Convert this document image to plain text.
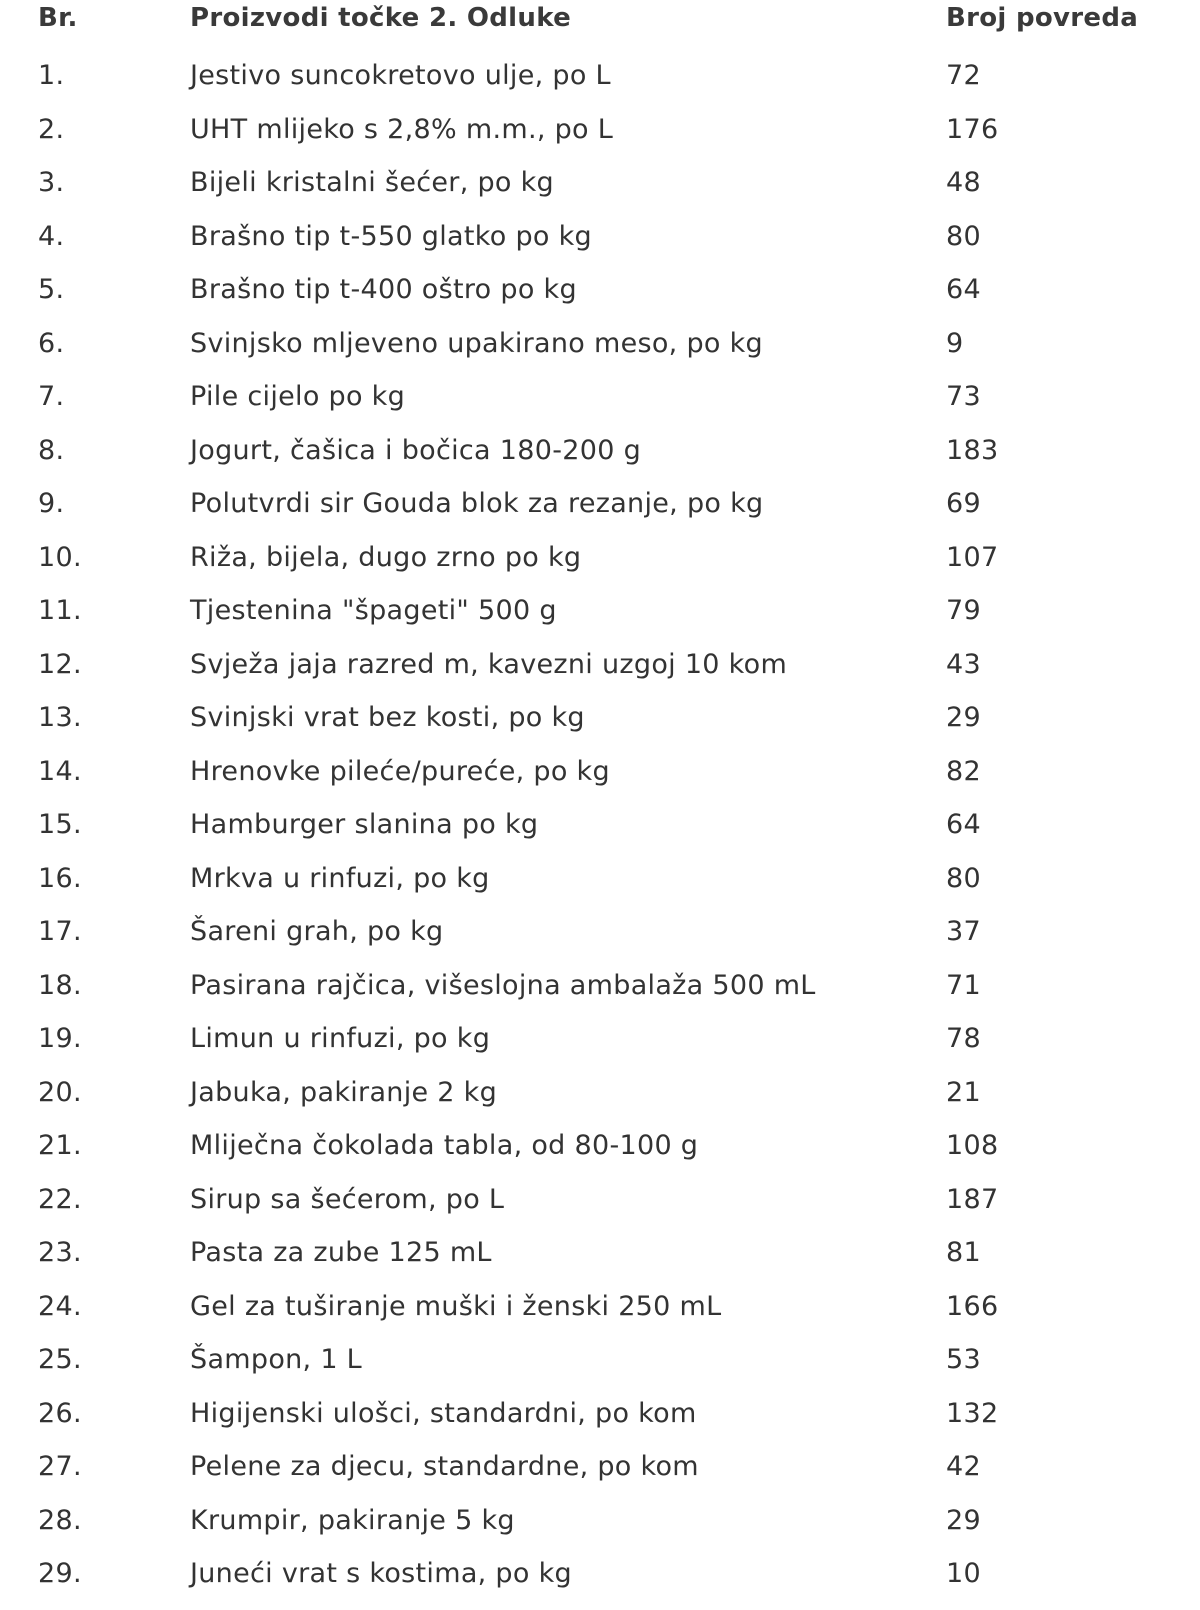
Br.	Proizvodi točke 2. Odluke	Broj povreda
1.	Jestivo suncokretovo ulje, po L	72
2.	UHT mlijeko s 2,8% m.m., po L	176
3.	Bijeli kristalni šećer, po kg	48
4.	Brašno tip t-550 glatko po kg	80
5.	Brašno tip t-400 oštro po kg	64
6.	Svinjsko mljeveno upakirano meso, po kg	9
7.	Pile cijelo po kg	73
8.	Jogurt, čašica i bočica 180-200 g	183
9.	Polutvrdi sir Gouda blok za rezanje, po kg	69
10.	Riža, bijela, dugo zrno po kg	107
11.	Tjestenina "špageti" 500 g	79
12.	Svježa jaja razred m, kavezni uzgoj 10 kom	43
13.	Svinjski vrat bez kosti, po kg	29
14.	Hrenovke pileće/pureće, po kg	82
15.	Hamburger slanina po kg	64
16.	Mrkva u rinfuzi, po kg	80
17.	Šareni grah, po kg	37
18.	Pasirana rajčica, višeslojna ambalaža 500 mL	71
19.	Limun u rinfuzi, po kg	78
20.	Jabuka, pakiranje 2 kg	21
21.	Mliječna čokolada tabla, od 80-100 g	108
22.	Sirup sa šećerom, po L	187
23.	Pasta za zube 125 mL	81
24.	Gel za tuširanje muški i ženski 250 mL	166
25.	Šampon, 1 L	53
26.	Higijenski ulošci, standardni, po kom	132
27.	Pelene za djecu, standardne, po kom	42
28.	Krumpir, pakiranje 5 kg	29
29.	Juneći vrat s kostima, po kg	10
